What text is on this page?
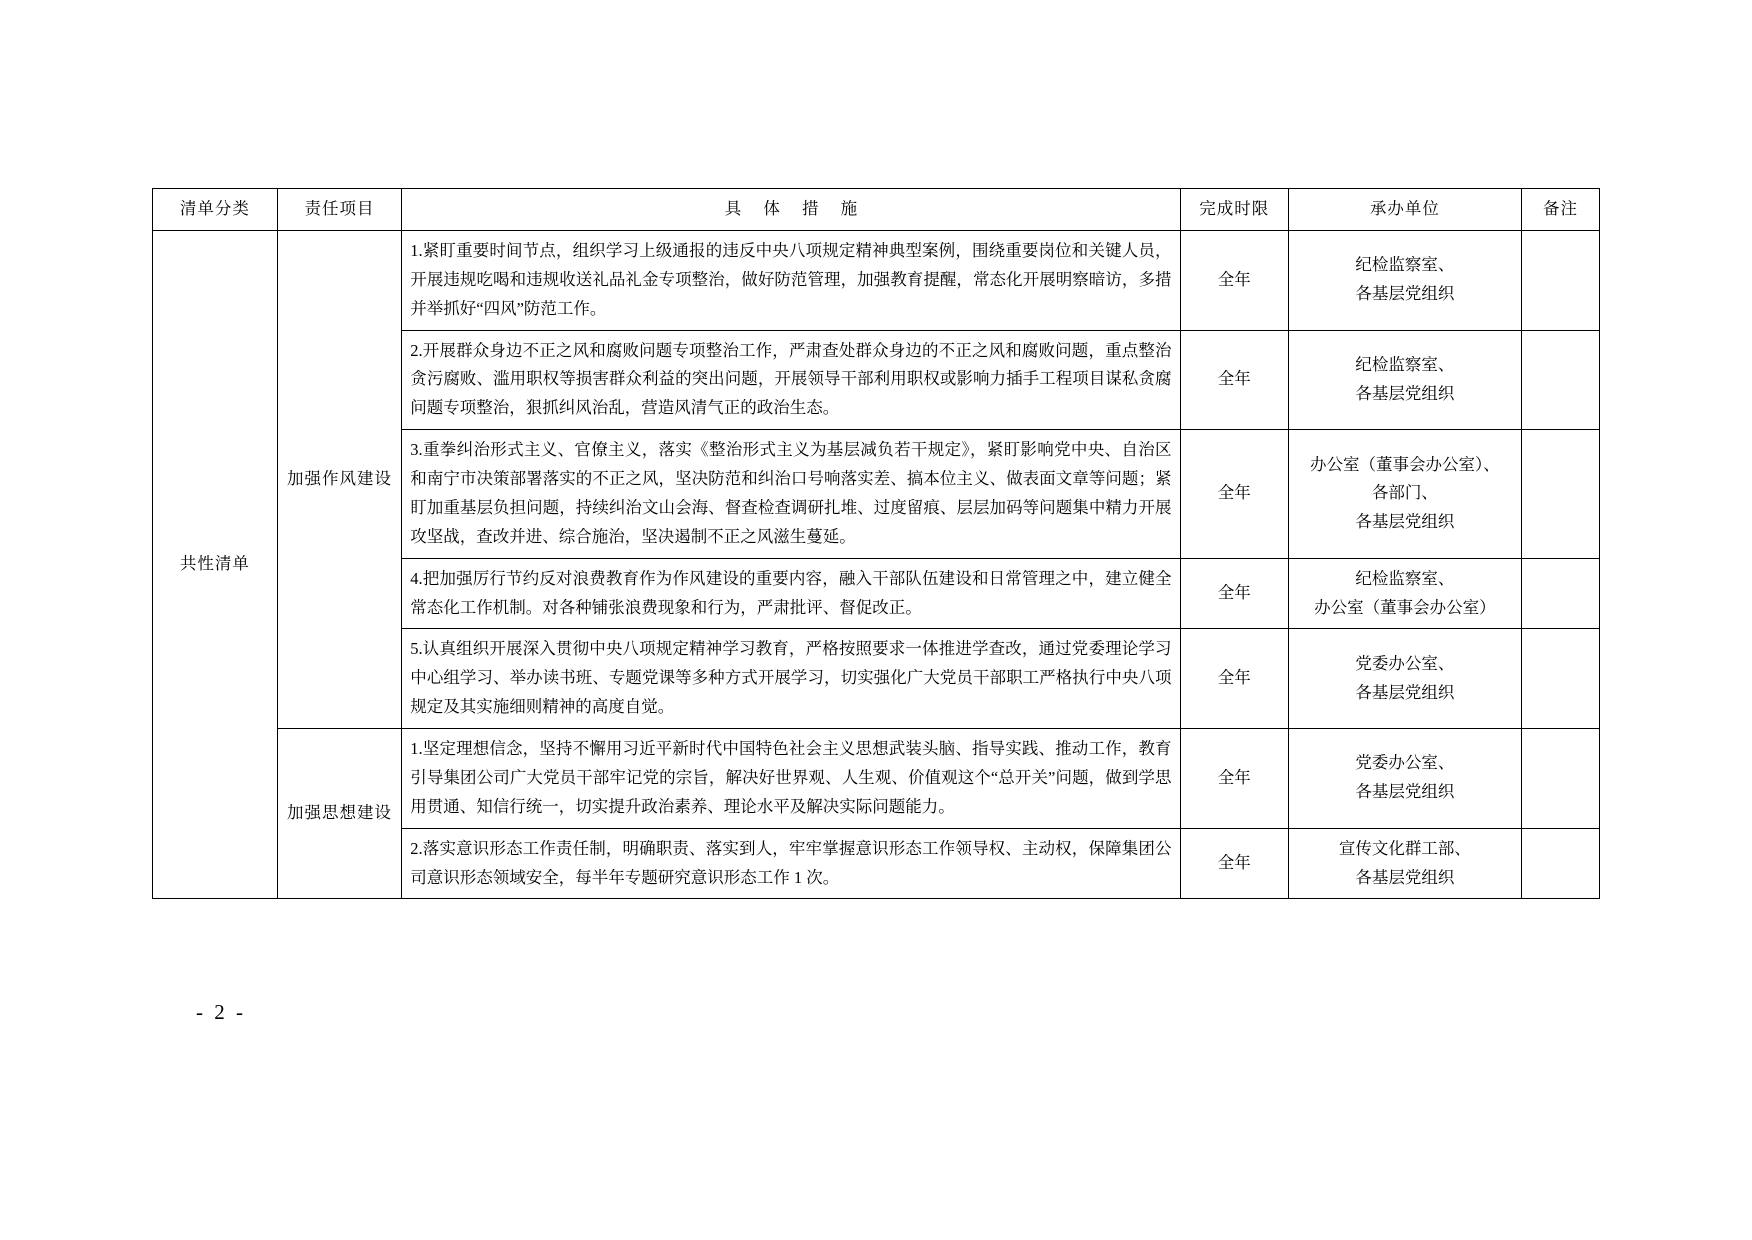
清单分类	责任项目	具 体 措 施	完成时限	承办单位	备注
共性清单	加强作风建设	1.紧盯重要时间节点，组织学习上级通报的违反中央八项规定精神典型案例，围绕重要岗位和关键人员，开展违规吃喝和违规收送礼品礼金专项整治，做好防范管理，加强教育提醒，常态化开展明察暗访，多措并举抓好“四风”防范工作。	全年	纪检监察室、
各基层党组织	

		2.开展群众身边不正之风和腐败问题专项整治工作，严肃查处群众身边的不正之风和腐败问题，重点整治贪污腐败、滥用职权等损害群众利益的突出问题，开展领导干部利用职权或影响力插手工程项目谋私贪腐问题专项整治，狠抓纠风治乱，营造风清气正的政治生态。	全年	纪检监察室、
各基层党组织	

		3.重拳纠治形式主义、官僚主义，落实《整治形式主义为基层减负若干规定》，紧盯影响党中央、自治区和南宁市决策部署落实的不正之风，坚决防范和纠治口号响落实差、搞本位主义、做表面文章等问题；紧盯加重基层负担问题，持续纠治文山会海、督查检查调研扎堆、过度留痕、层层加码等问题集中精力开展攻坚战，查改并进、综合施治，坚决遏制不正之风滋生蔓延。	全年	办公室（董事会办公室）、
各部门、
各基层党组织	

		4.把加强厉行节约反对浪费教育作为作风建设的重要内容，融入干部队伍建设和日常管理之中，建立健全常态化工作机制。对各种铺张浪费现象和行为，严肃批评、督促改正。	全年	纪检监察室、
办公室（董事会办公室）	

		5.认真组织开展深入贯彻中央八项规定精神学习教育，严格按照要求一体推进学查改，通过党委理论学习中心组学习、举办读书班、专题党课等多种方式开展学习，切实强化广大党员干部职工严格执行中央八项规定及其实施细则精神的高度自觉。	全年	党委办公室、
各基层党组织	

	加强思想建设	1.坚定理想信念，坚持不懈用习近平新时代中国特色社会主义思想武装头脑、指导实践、推动工作，教育引导集团公司广大党员干部牢记党的宗旨，解决好世界观、人生观、价值观这个“总开关”问题，做到学思用贯通、知信行统一，切实提升政治素养、理论水平及解决实际问题能力。	全年	党委办公室、
各基层党组织	

		2.落实意识形态工作责任制，明确职责、落实到人，牢牢掌握意识形态工作领导权、主动权，保障集团公司意识形态领域安全，每半年专题研究意识形态工作 1 次。	全年	宣传文化群工部、
各基层党组织	

- 2 -
